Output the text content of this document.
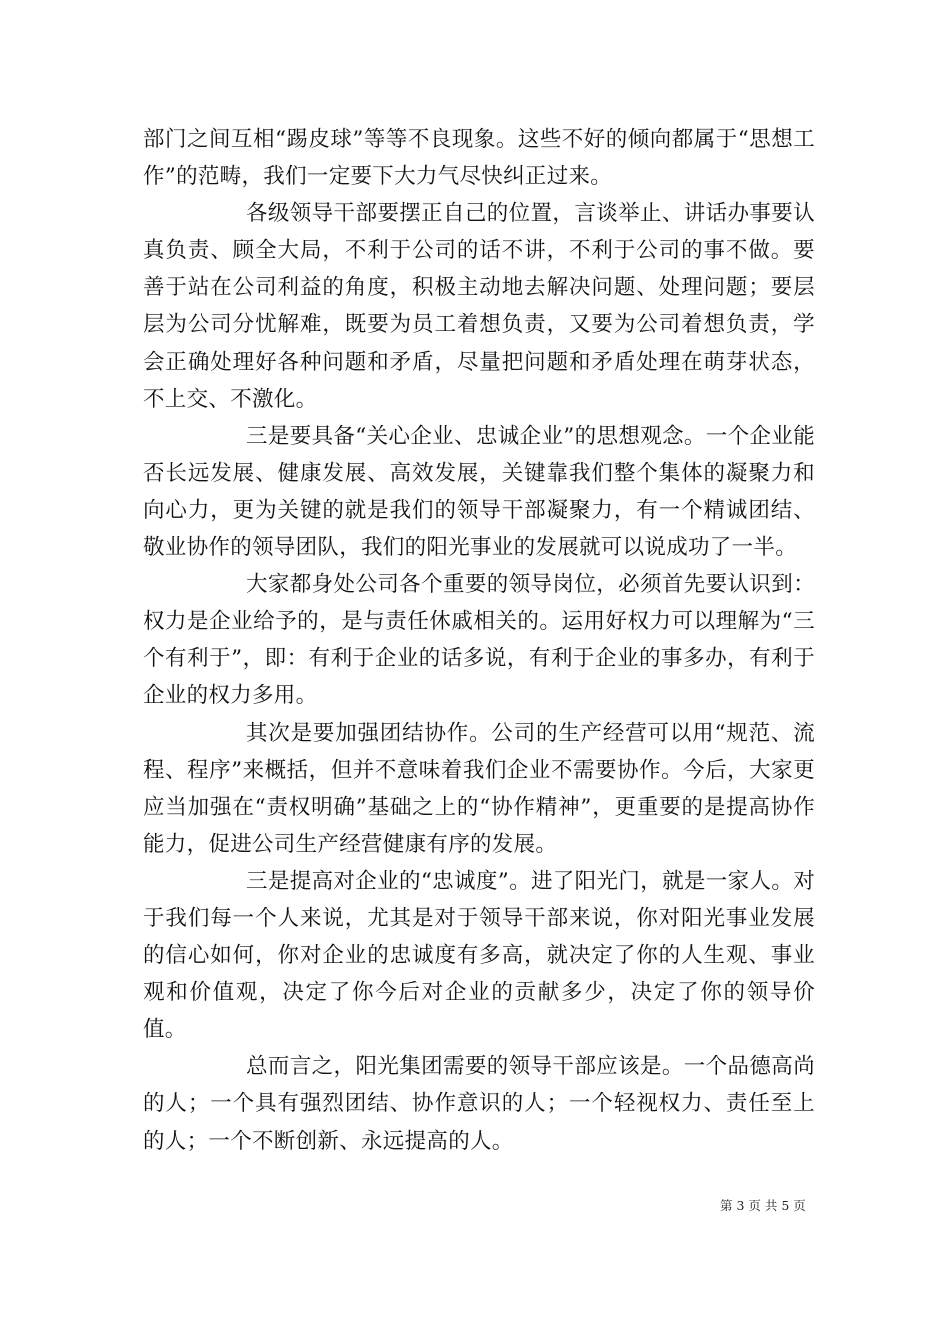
部门之间互相“踢皮球”等等不良现象。这些不好的倾向都属于“思想工作”的范畴，我们一定要下大力气尽快纠正过来。

各级领导干部要摆正自己的位置，言谈举止、讲话办事要认真负责、顾全大局，不利于公司的话不讲，不利于公司的事不做。要善于站在公司利益的角度，积极主动地去解决问题、处理问题；要层层为公司分忧解难，既要为员工着想负责，又要为公司着想负责，学会正确处理好各种问题和矛盾，尽量把问题和矛盾处理在萌芽状态，不上交、不激化。

三是要具备“关心企业、忠诚企业”的思想观念。一个企业能否长远发展、健康发展、高效发展，关键靠我们整个集体的凝聚力和向心力，更为关键的就是我们的领导干部凝聚力，有一个精诚团结、敬业协作的领导团队，我们的阳光事业的发展就可以说成功了一半。

大家都身处公司各个重要的领导岗位，必须首先要认识到：权力是企业给予的，是与责任休戚相关的。运用好权力可以理解为“三个有利于”，即：有利于企业的话多说，有利于企业的事多办，有利于企业的权力多用。

其次是要加强团结协作。公司的生产经营可以用“规范、流程、程序”来概括，但并不意味着我们企业不需要协作。今后，大家更应当加强在“责权明确”基础之上的“协作精神”，更重要的是提高协作能力，促进公司生产经营健康有序的发展。

三是提高对企业的“忠诚度”。进了阳光门，就是一家人。对于我们每一个人来说，尤其是对于领导干部来说，你对阳光事业发展的信心如何，你对企业的忠诚度有多高，就决定了你的人生观、事业观和价值观，决定了你今后对企业的贡献多少，决定了你的领导价值。

总而言之，阳光集团需要的领导干部应该是。一个品德高尚的人；一个具有强烈团结、协作意识的人；一个轻视权力、责任至上的人；一个不断创新、永远提高的人。

第 3 页 共 5 页
